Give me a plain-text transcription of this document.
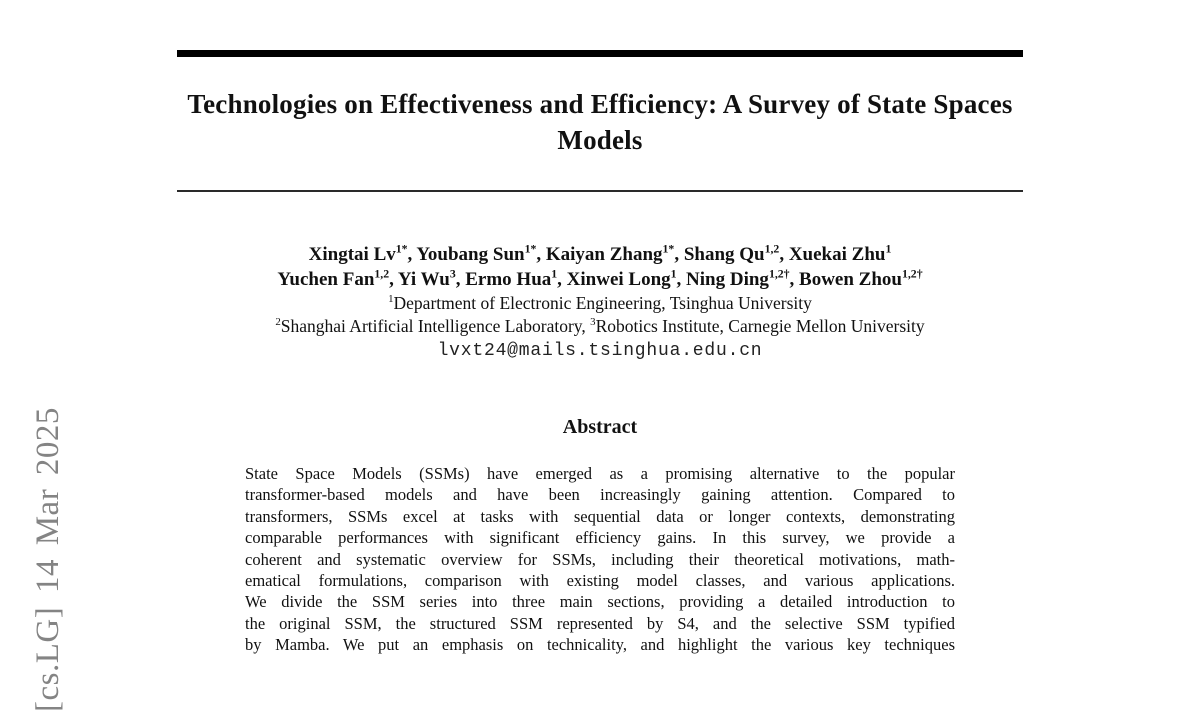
[cs.LG] 14 Mar 2025
Technologies on Effectiveness and Efficiency: A Survey of State Spaces Models
Xingtai $Lv^{1*}$, Youbang Sun$^{1*}$, Kaiyan Zhang$^{1*}$, Shang Qu$^{1,2}$, Xuekai Zhu$^1$
Yuchen Fan$^{1,2}$, Yi Wu$^3$, Ermo Hua$^1$, Xinwei Long$^1$, Ning Ding$^{1,2\dagger}$, Bowen Zhou$^{1,2\dagger}$
$^1$Department of Electronic Engineering, Tsinghua University
$^2$Shanghai Artificial Intelligence Laboratory, $^3$Robotics Institute, Carnegie Mellon University
lvxt24@mails.tsinghua.edu.cn
Abstract
State Space Models (SSMs) have emerged as a promising alternative to the popular
transformer-based models and have been increasingly gaining attention. Compared to
transformers, SSMs excel at tasks with sequential data or longer contexts, demonstrating
comparable performances with significant efficiency gains. In this survey, we provide a
coherent and systematic overview for SSMs, including their theoretical motivations, math-
ematical formulations, comparison with existing model classes, and various applications.
We divide the SSM series into three main sections, providing a detailed introduction to
the original SSM, the structured SSM represented by S4, and the selective SSM typified
by Mamba. We put an emphasis on technicality, and highlight the various key techniques
